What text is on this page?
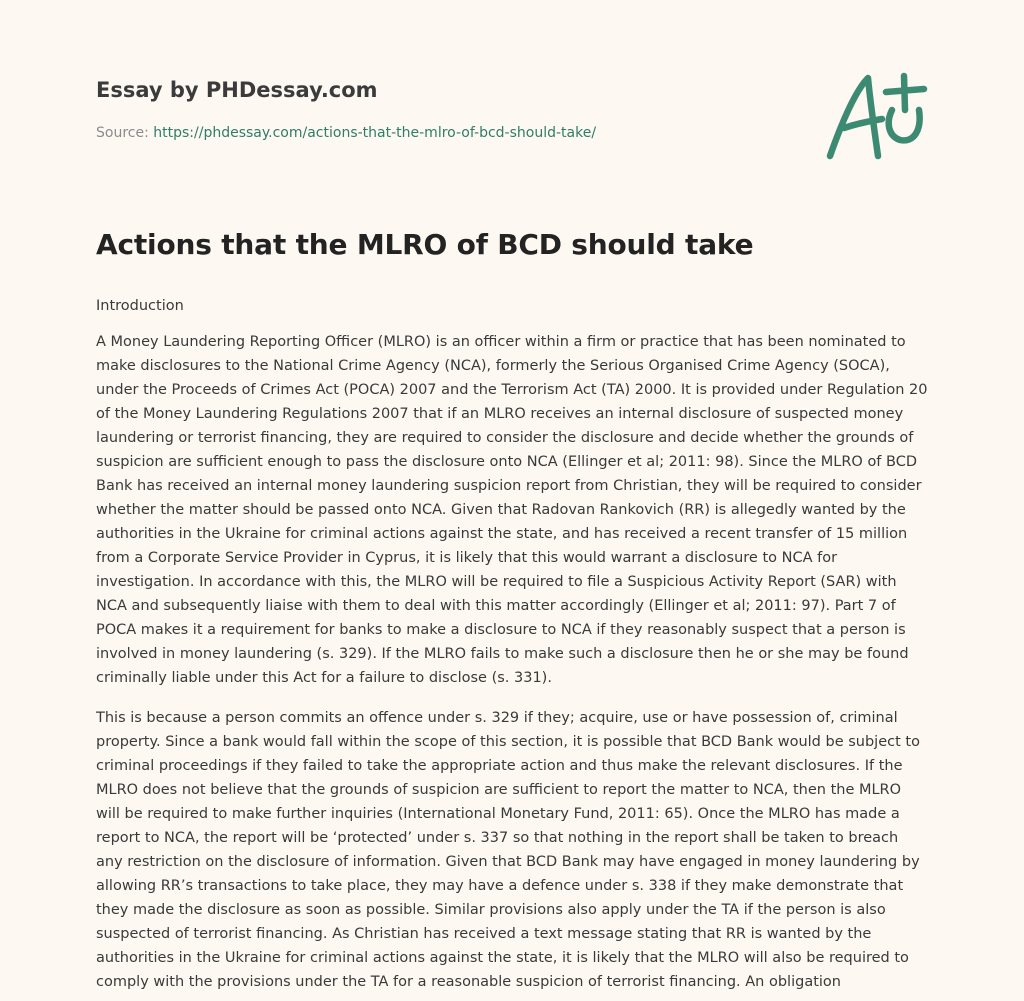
Essay by PHDessay.com
Source: https://phdessay.com/actions-that-the-mlro-of-bcd-should-take/
Actions that the MLRO of BCD should take
Introduction

A Money Laundering Reporting Officer (MLRO) is an officer within a firm or practice that has been nominated to make disclosures to the National Crime Agency (NCA), formerly the Serious Organised Crime Agency (SOCA), under the Proceeds of Crimes Act (POCA) 2007 and the Terrorism Act (TA) 2000. It is provided under Regulation 20 of the Money Laundering Regulations 2007 that if an MLRO receives an internal disclosure of suspected money laundering or terrorist financing, they are required to consider the disclosure and decide whether the grounds of suspicion are sufficient enough to pass the disclosure onto NCA (Ellinger et al; 2011: 98). Since the MLRO of BCD Bank has received an internal money laundering suspicion report from Christian, they will be required to consider whether the matter should be passed onto NCA. Given that Radovan Rankovich (RR) is allegedly wanted by the authorities in the Ukraine for criminal actions against the state, and has received a recent transfer of 15 million from a Corporate Service Provider in Cyprus, it is likely that this would warrant a disclosure to NCA for investigation. In accordance with this, the MLRO will be required to file a Suspicious Activity Report (SAR) with NCA and subsequently liaise with them to deal with this matter accordingly (Ellinger et al; 2011: 97). Part 7 of POCA makes it a requirement for banks to make a disclosure to NCA if they reasonably suspect that a person is involved in money laundering (s. 329). If the MLRO fails to make such a disclosure then he or she may be found criminally liable under this Act for a failure to disclose (s. 331).

This is because a person commits an offence under s. 329 if they; acquire, use or have possession of, criminal property. Since a bank would fall within the scope of this section, it is possible that BCD Bank would be subject to criminal proceedings if they failed to take the appropriate action and thus make the relevant disclosures. If the MLRO does not believe that the grounds of suspicion are sufficient to report the matter to NCA, then the MLRO will be required to make further inquiries (International Monetary Fund, 2011: 65). Once the MLRO has made a report to NCA, the report will be ‘protected’ under s. 337 so that nothing in the report shall be taken to breach any restriction on the disclosure of information. Given that BCD Bank may have engaged in money laundering by allowing RR’s transactions to take place, they may have a defence under s. 338 if they make demonstrate that they made the disclosure as soon as possible. Similar provisions also apply under the TA if the person is also suspected of terrorist financing. As Christian has received a text message stating that RR is wanted by the authorities in the Ukraine for criminal actions against the state, it is likely that the MLRO will also be required to comply with the provisions under the TA for a reasonable suspicion of terrorist financing. An obligation
